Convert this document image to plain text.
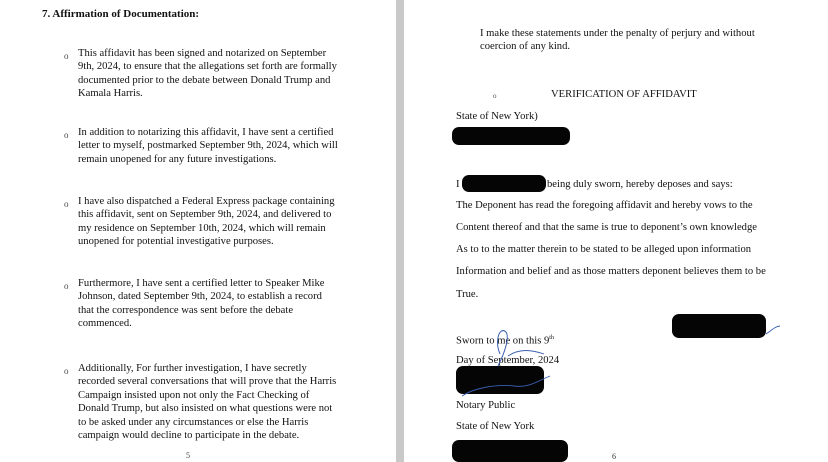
7. Affirmation of Documentation:
o This affidavit has been signed and notarized on September
9th, 2024, to ensure that the allegations set forth are formally
documented prior to the debate between Donald Trump and
Kamala Harris.
o In addition to notarizing this affidavit, I have sent a certified
letter to myself, postmarked September 9th, 2024, which will
remain unopened for any future investigations.
o I have also dispatched a Federal Express package containing
this affidavit, sent on September 9th, 2024, and delivered to
my residence on September 10th, 2024, which will remain
unopened for potential investigative purposes.
o Furthermore, I have sent a certified letter to Speaker Mike
Johnson, dated September 9th, 2024, to establish a record
that the correspondence was sent before the debate
commenced.
o Additionally, For further investigation, I have secretly
recorded several conversations that will prove that the Harris
Campaign insisted upon not only the Fact Checking of
Donald Trump, but also insisted on what questions were not
to be asked under any circumstances or else the Harris
campaign would decline to participate in the debate.
5
I make these statements under the penalty of perjury and without
coercion of any kind.
o	VERIFICATION OF AFFIDAVIT
State of New York)
I	being duly sworn, hereby deposes and says:
The Deponent has read the foregoing affidavit and hereby vows to the
Content thereof and that the same is true to deponent’s own knowledge
As to to the matter therein to be stated to be alleged upon information
Information and belief and as those matters deponent believes them to be
True.
Sworn to me on this 9th
Day of September, 2024
Notary Public
State of New York
6
